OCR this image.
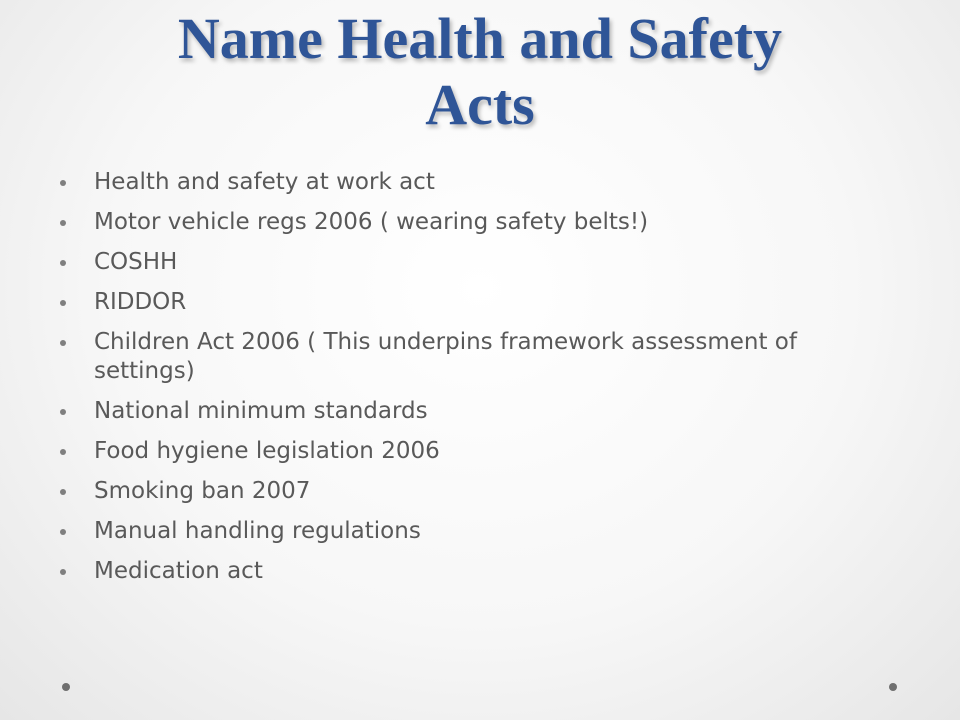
Name Health and Safety
Acts
Health and safety at work act
Motor vehicle regs 2006 ( wearing safety belts!)
COSHH
RIDDOR
Children Act 2006 ( This underpins framework assessment of settings)
National minimum standards
Food hygiene legislation 2006
Smoking ban 2007
Manual handling regulations
Medication act
